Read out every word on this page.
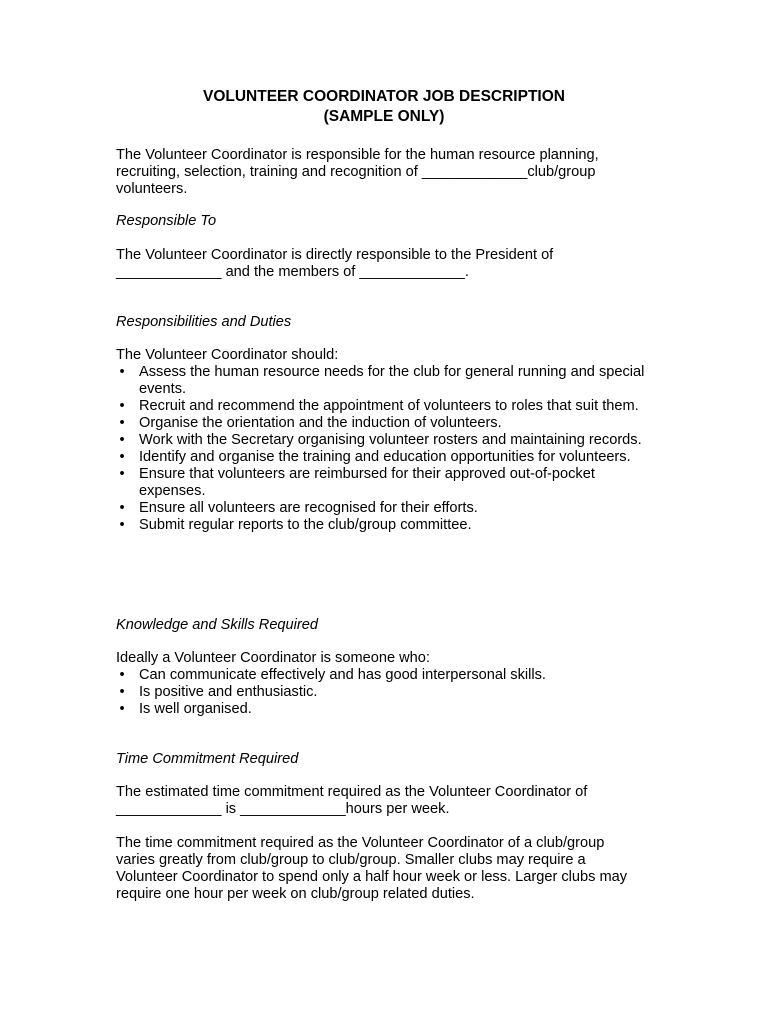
VOLUNTEER COORDINATOR JOB DESCRIPTION
(SAMPLE ONLY)

The Volunteer Coordinator is responsible for the human resource planning, recruiting, selection, training and recognition of _____________club/group volunteers.

Responsible To

The Volunteer Coordinator is directly responsible to the President of _____________ and the members of _____________.

Responsibilities and Duties

The Volunteer Coordinator should:
• Assess the human resource needs for the club for general running and special events.
• Recruit and recommend the appointment of volunteers to roles that suit them.
• Organise the orientation and the induction of volunteers.
• Work with the Secretary organising volunteer rosters and maintaining records.
• Identify and organise the training and education opportunities for volunteers.
• Ensure that volunteers are reimbursed for their approved out-of-pocket expenses.
• Ensure all volunteers are recognised for their efforts.
• Submit regular reports to the club/group committee.

Knowledge and Skills Required

Ideally a Volunteer Coordinator is someone who:
• Can communicate effectively and has good interpersonal skills.
• Is positive and enthusiastic.
• Is well organised.

Time Commitment Required

The estimated time commitment required as the Volunteer Coordinator of _____________ is _____________hours per week.

The time commitment required as the Volunteer Coordinator of a club/group varies greatly from club/group to club/group. Smaller clubs may require a Volunteer Coordinator to spend only a half hour week or less. Larger clubs may require one hour per week on club/group related duties.
